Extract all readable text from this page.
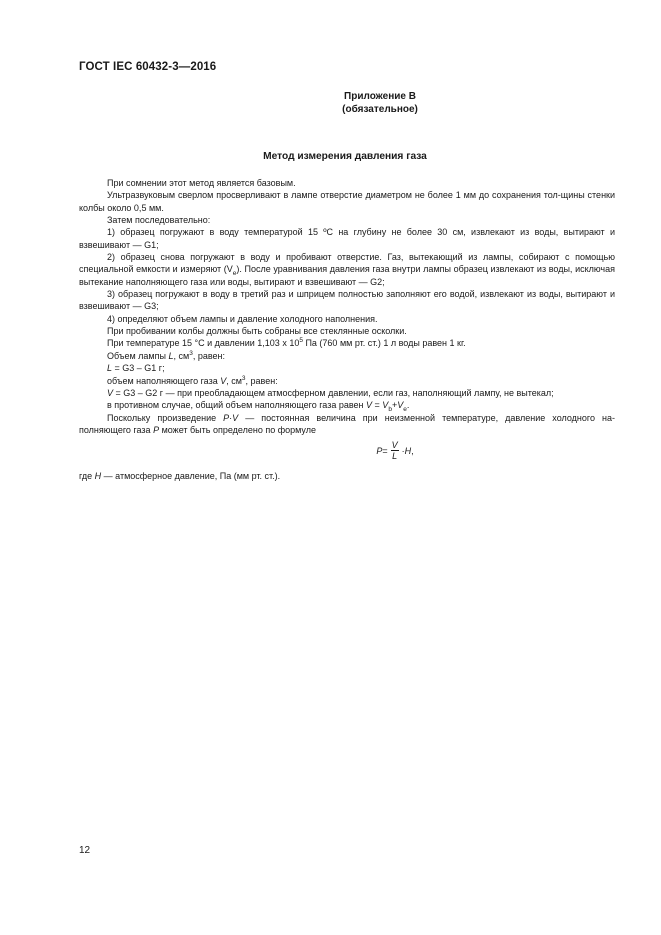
ГОСТ IEC 60432-3—2016
Приложение В
(обязательное)
Метод измерения давления газа

При сомнении этот метод является базовым.

Ультразвуковым сверлом просверливают в лампе отверстие диаметром не более 1 мм до сохранения тол-щины стенки колбы около 0,5 мм.

Затем последовательно:

1) образец погружают в воду температурой 15 ºС на глубину не более 30 см, извлекают из воды, вытирают и взвешивают — G1;

2) образец снова погружают в воду и пробивают отверстие. Газ, вытекающий из лампы, собирают с помощью специальной емкости и измеряют $(V_e)$. После уравнивания давления газа внутри лампы образец извлекают из воды, исключая вытекание наполняющего газа или воды, вытирают и взвешивают — G2;

3) образец погружают в воду в третий раз и шприцем полностью заполняют его водой, извлекают из воды, вытирают и взвешивают — G3;

4) определяют объем лампы и давление холодного наполнения.

При пробивании колбы должны быть собраны все стеклянные осколки.

При температуре 15 °С и давлении 1,103 х $10^5$ Па (760 мм рт. ст.) 1 л воды равен 1 кг.

Объем лампы L, $см^3$, равен:

L = G3 – G1 г;

объем наполняющего газа V, $см^3$, равен:

V = G3 – G2 г — при преобладающем атмосферном давлении, если газ, наполняющий лампу, не вытекал;

в противном случае, общий объем наполняющего газа равен $V = V_b+V_e$.

Поскольку произведение P·V — постоянная величина при неизменной температуре, давление холодного на-полняющего газа P может быть определено по формуле

$P = \frac{V}{L} \cdot H$ ,

где H — атмосферное давление, Па (мм рт. ст.).

12
